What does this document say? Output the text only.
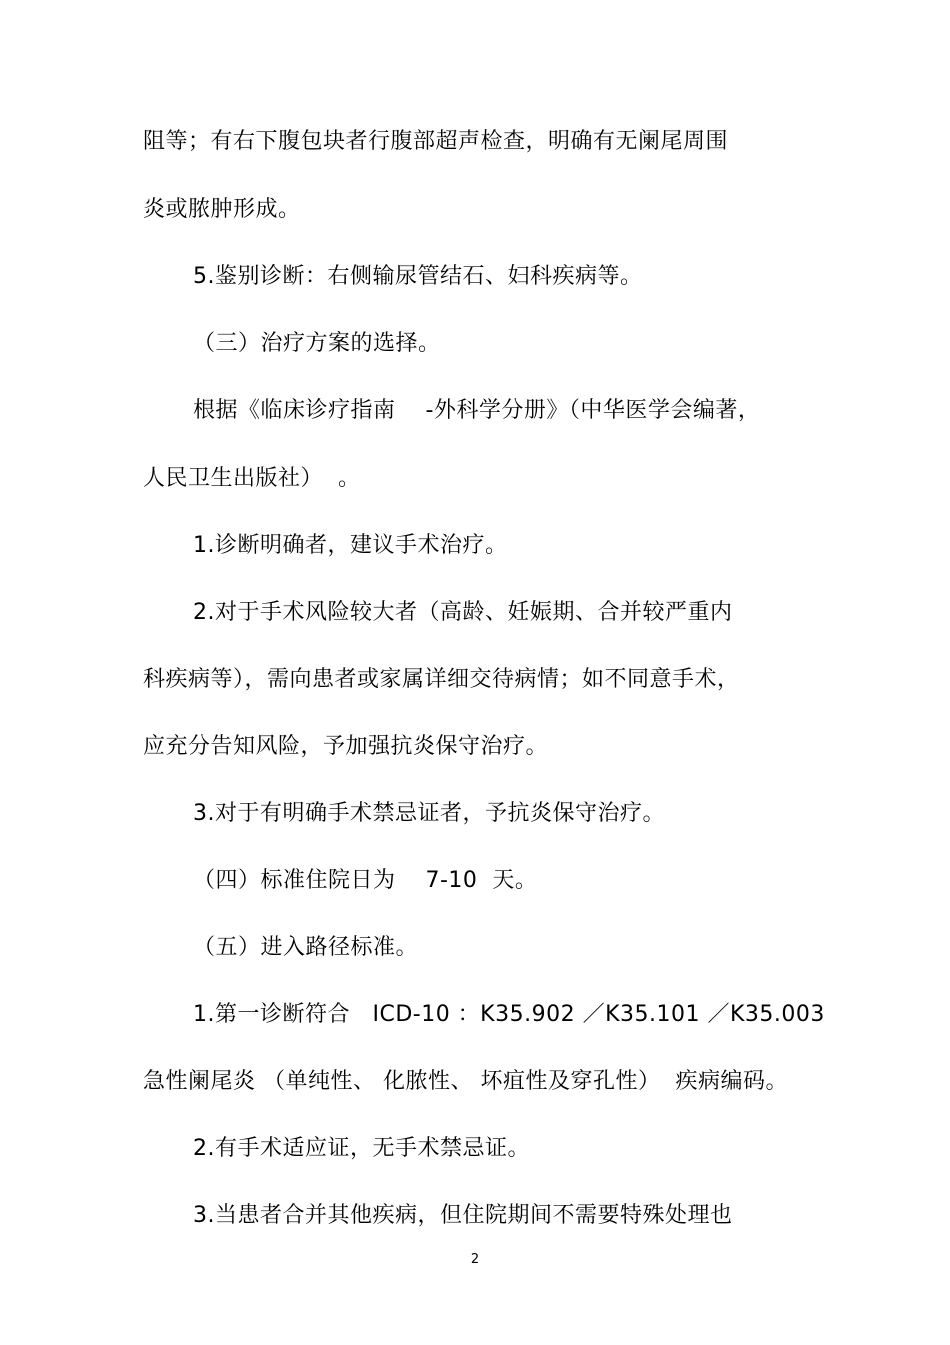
阻等；有右下腹包块者行腹部超声检查，明确有无阑尾周围
炎或脓肿形成。
5.鉴别诊断：右侧输尿管结石、妇科疾病等。
（三）治疗方案的选择。
根据《临床诊疗指南    -外科学分册》（中华医学会编著，
人民卫生出版社）  。
1.诊断明确者，建议手术治疗。
2.对于手术风险较大者（高龄、妊娠期、合并较严重内
科疾病等），需向患者或家属详细交待病情；如不同意手术，
应充分告知风险，予加强抗炎保守治疗。
3.对于有明确手术禁忌证者，予抗炎保守治疗。
（四）标准住院日为    7-10  天。
（五）进入路径标准。
1.第一诊断符合   ICD-10 ：K35.902 ／K35.101 ／K35.003
急性阑尾炎 （单纯性、 化脓性、 坏疽性及穿孔性）  疾病编码。
2.有手术适应证，无手术禁忌证。
3.当患者合并其他疾病，但住院期间不需要特殊处理也
2
